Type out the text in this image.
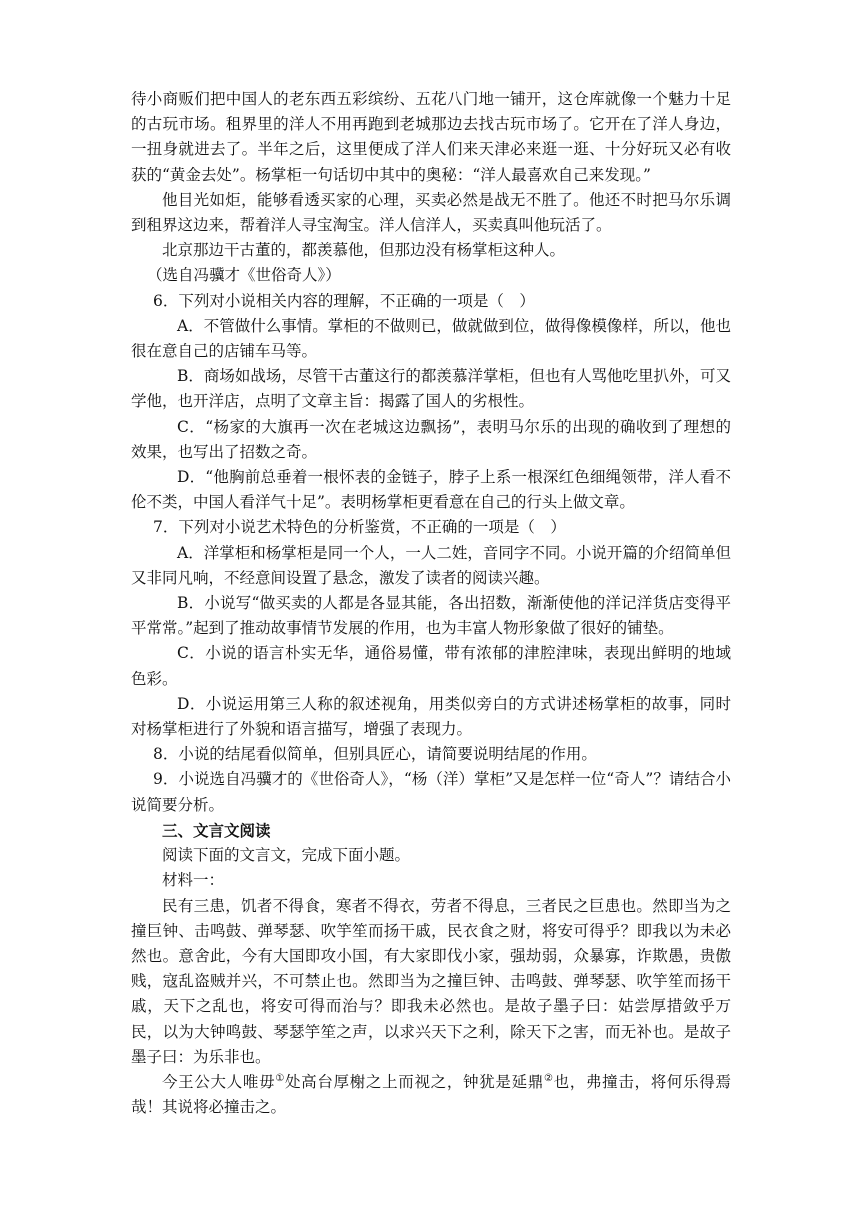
待小商贩们把中国人的老东西五彩缤纷、五花八门地一铺开，这仓库就像一个魅力十足的古玩市场。租界里的洋人不用再跑到老城那边去找古玩市场了。它开在了洋人身边，一扭身就进去了。半年之后，这里便成了洋人们来天津必来逛一逛、十分好玩又必有收获的“黄金去处”。杨掌柜一句话切中其中的奥秘：“洋人最喜欢自己来发现。”

他目光如炬，能够看透买家的心理，买卖必然是战无不胜了。他还不时把马尔乐调到租界这边来，帮着洋人寻宝淘宝。洋人信洋人，买卖真叫他玩活了。

北京那边干古董的，都羡慕他，但那边没有杨掌柜这种人。

（选自冯骥才《世俗奇人》）

6．下列对小说相关内容的理解，不正确的一项是（　）

A．不管做什么事情。掌柜的不做则已，做就做到位，做得像模像样，所以，他也很在意自己的店铺车马等。

B．商场如战场，尽管干古董这行的都羡慕洋掌柜，但也有人骂他吃里扒外，可又学他，也开洋店，点明了文章主旨：揭露了国人的劣根性。

C．“杨家的大旗再一次在老城这边飘扬”，表明马尔乐的出现的确收到了理想的效果，也写出了招数之奇。

D．“他胸前总垂着一根怀表的金链子，脖子上系一根深红色细绳领带，洋人看不伦不类，中国人看洋气十足”。表明杨掌柜更看意在自己的行头上做文章。

7．下列对小说艺术特色的分析鉴赏，不正确的一项是（　）

A．洋掌柜和杨掌柜是同一个人，一人二姓，音同字不同。小说开篇的介绍简单但又非同凡响，不经意间设置了悬念，激发了读者的阅读兴趣。

B．小说写“做买卖的人都是各显其能，各出招数，渐渐使他的洋记洋货店变得平平常常。”起到了推动故事情节发展的作用，也为丰富人物形象做了很好的铺垫。

C．小说的语言朴实无华，通俗易懂，带有浓郁的津腔津味，表现出鲜明的地域色彩。

D．小说运用第三人称的叙述视角，用类似旁白的方式讲述杨掌柜的故事，同时对杨掌柜进行了外貌和语言描写，增强了表现力。

8．小说的结尾看似简单，但别具匠心，请简要说明结尾的作用。

9．小说选自冯骥才的《世俗奇人》，“杨（洋）掌柜”又是怎样一位“奇人”？请结合小说简要分析。

三、文言文阅读

阅读下面的文言文，完成下面小题。

材料一：

民有三患，饥者不得食，寒者不得衣，劳者不得息，三者民之巨患也。然即当为之撞巨钟、击鸣鼓、弹琴瑟、吹竽笙而扬干戚，民衣食之财，将安可得乎？即我以为未必然也。意舍此，今有大国即攻小国，有大家即伐小家，强劫弱，众暴寡，诈欺愚，贵傲贱，寇乱盗贼并兴，不可禁止也。然即当为之撞巨钟、击鸣鼓、弹琴瑟、吹竽笙而扬干戚，天下之乱也，将安可得而治与？即我未必然也。是故子墨子曰：姑尝厚措敛乎万民，以为大钟鸣鼓、琴瑟竽笙之声，以求兴天下之利，除天下之害，而无补也。是故子墨子曰：为乐非也。

今王公大人唯毋①处高台厚榭之上而视之，钟犹是延鼎②也，弗撞击，将何乐得焉哉！其说将必撞击之。
